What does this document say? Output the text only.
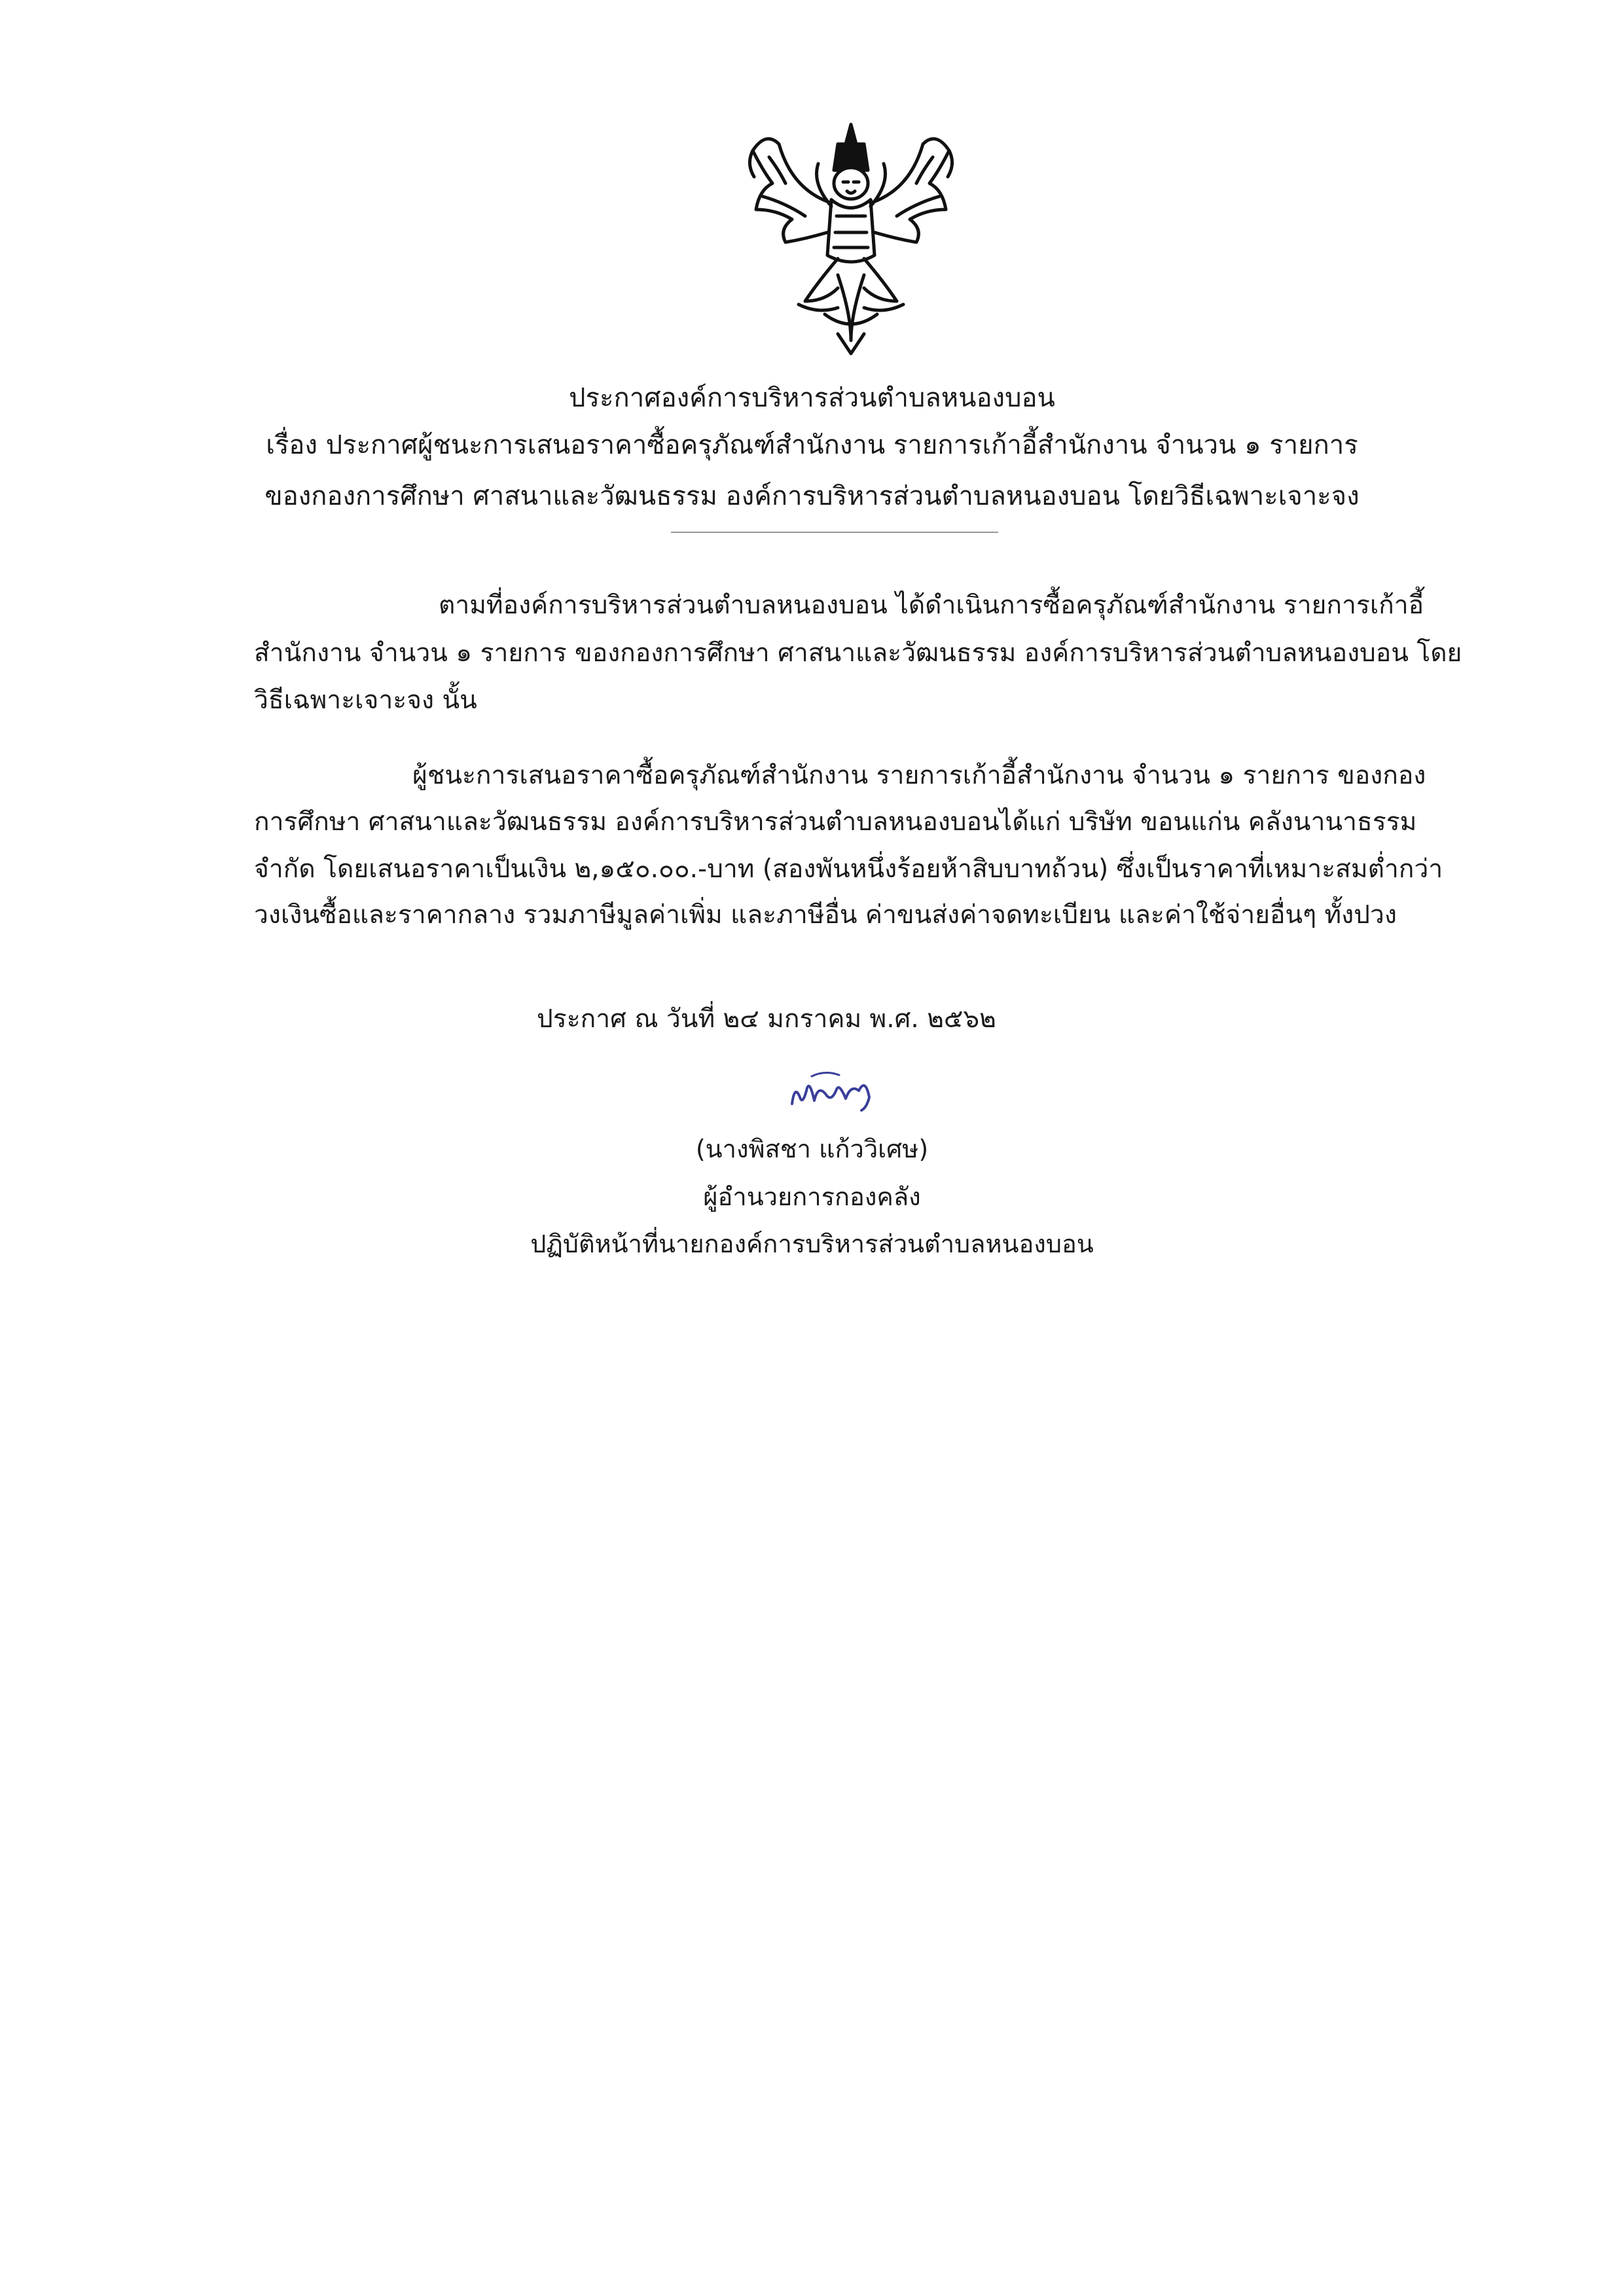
ประกาศองค์การบริหารส่วนตำบลหนองบอน
เรื่อง ประกาศผู้ชนะการเสนอราคาซื้อครุภัณฑ์สำนักงาน รายการเก้าอี้สำนักงาน จำนวน ๑ รายการ
ของกองการศึกษา ศาสนาและวัฒนธรรม องค์การบริหารส่วนตำบลหนองบอน โดยวิธีเฉพาะเจาะจง
ตามที่องค์การบริหารส่วนตำบลหนองบอน ได้ดำเนินการซื้อครุภัณฑ์สำนักงาน รายการเก้าอี้
สำนักงาน จำนวน ๑ รายการ ของกองการศึกษา ศาสนาและวัฒนธรรม องค์การบริหารส่วนตำบลหนองบอน โดย
วิธีเฉพาะเจาะจง นั้น
ผู้ชนะการเสนอราคาซื้อครุภัณฑ์สำนักงาน รายการเก้าอี้สำนักงาน จำนวน ๑ รายการ ของกอง
การศึกษา ศาสนาและวัฒนธรรม องค์การบริหารส่วนตำบลหนองบอนได้แก่ บริษัท ขอนแก่น คลังนานาธรรม
จำกัด โดยเสนอราคาเป็นเงิน ๒,๑๕๐.๐๐.-บาท (สองพันหนึ่งร้อยห้าสิบบาทถ้วน) ซึ่งเป็นราคาที่เหมาะสมต่ำกว่า
วงเงินซื้อและราคากลาง รวมภาษีมูลค่าเพิ่ม และภาษีอื่น ค่าขนส่งค่าจดทะเบียน และค่าใช้จ่ายอื่นๆ ทั้งปวง
ประกาศ ณ วันที่ ๒๔ มกราคม พ.ศ. ๒๕๖๒
(นางพิสชา แก้ววิเศษ)
ผู้อำนวยการกองคลัง
ปฏิบัติหน้าที่นายกองค์การบริหารส่วนตำบลหนองบอน
